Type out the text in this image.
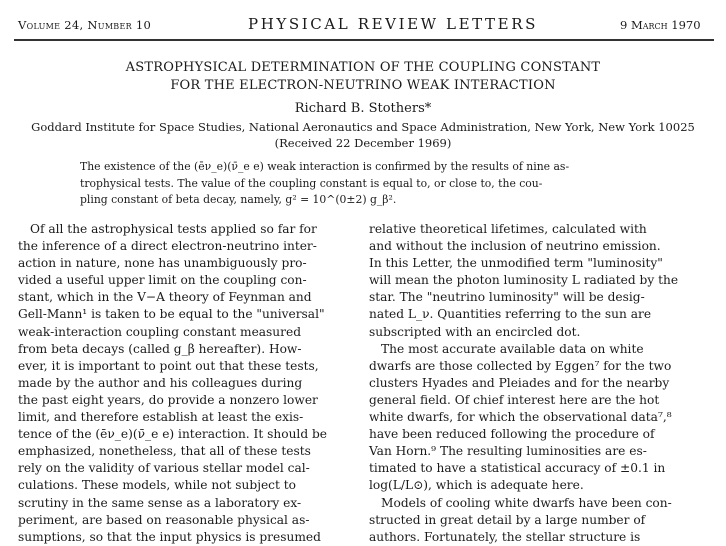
Volume 24, Number 10	PHYSICAL REVIEW LETTERS	9 March 1970
ASTROPHYSICAL DETERMINATION OF THE COUPLING CONSTANT
FOR THE ELECTRON-NEUTRINO WEAK INTERACTION
Richard B. Stothers*
Goddard Institute for Space Studies, National Aeronautics and Space Administration, New York, New York 10025
(Received 22 December 1969)
The existence of the (ēν_e)(ν̄_e e) weak interaction is confirmed by the results of nine as-
trophysical tests. The value of the coupling constant is equal to, or close to, the cou-
pling constant of beta decay, namely, g² = 10^(0±2) g_β².
Of all the astrophysical tests applied so far for
the inference of a direct electron-neutrino inter-
action in nature, none has unambiguously pro-
vided a useful upper limit on the coupling con-
stant, which in the V−A theory of Feynman and
Gell-Mann¹ is taken to be equal to the "universal"
weak-interaction coupling constant measured
from beta decays (called g_β hereafter). How-
ever, it is important to point out that these tests,
made by the author and his colleagues during
the past eight years, do provide a nonzero lower
limit, and therefore establish at least the exis-
tence of the (ēν_e)(ν̄_e e) interaction. It should be
emphasized, nonetheless, that all of these tests
rely on the validity of various stellar model cal-
culations. These models, while not subject to
scrutiny in the same sense as a laboratory ex-
periment, are based on reasonable physical as-
sumptions, so that the input physics is presumed
relative theoretical lifetimes, calculated with
and without the inclusion of neutrino emission.
In this Letter, the unmodified term "luminosity"
will mean the photon luminosity L radiated by the
star. The "neutrino luminosity" will be desig-
nated L_ν. Quantities referring to the sun are
subscripted with an encircled dot.
The most accurate available data on white
dwarfs are those collected by Eggen⁷ for the two
clusters Hyades and Pleiades and for the nearby
general field. Of chief interest here are the hot
white dwarfs, for which the observational data⁷,⁸
have been reduced following the procedure of
Van Horn.⁹ The resulting luminosities are es-
timated to have a statistical accuracy of ±0.1 in
log(L/L⊙), which is adequate here.
Models of cooling white dwarfs have been con-
structed in great detail by a large number of
authors. Fortunately, the stellar structure is
